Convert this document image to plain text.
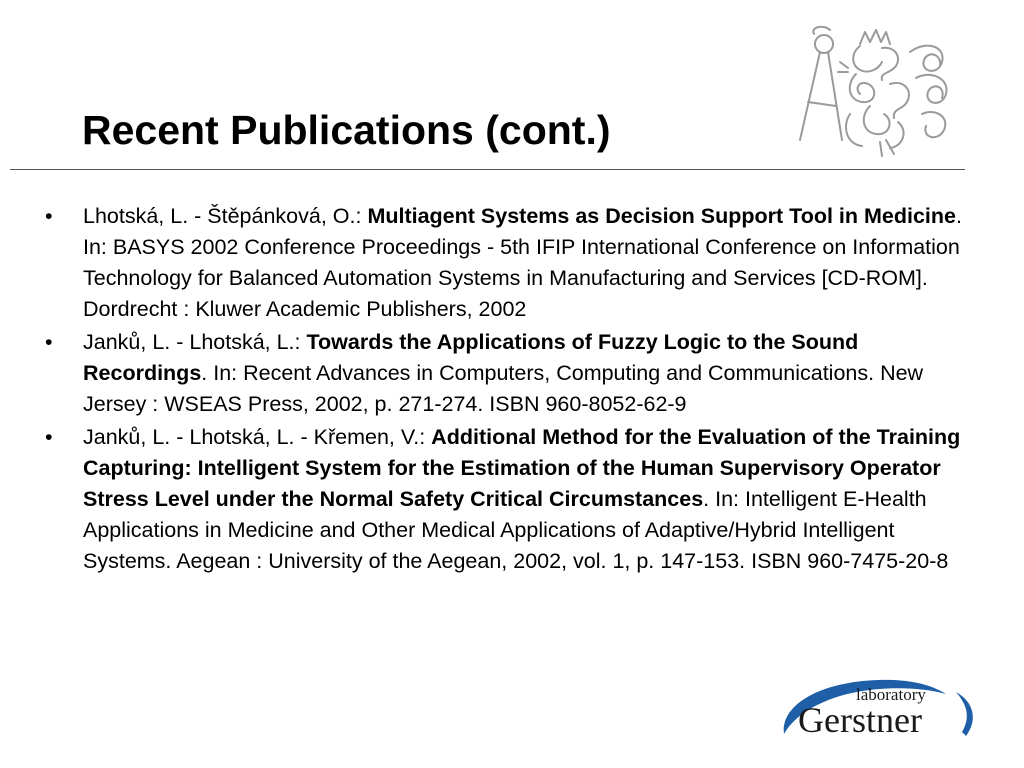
Recent Publications (cont.)
• Lhotská, L. - Štěpánková, O.: Multiagent Systems as Decision Support Tool in Medicine. In: BASYS 2002 Conference Proceedings - 5th IFIP International Conference on Information Technology for Balanced Automation Systems in Manufacturing and Services [CD-ROM]. Dordrecht : Kluwer Academic Publishers, 2002
• Janků, L. - Lhotská, L.: Towards the Applications of Fuzzy Logic to the Sound Recordings. In: Recent Advances in Computers, Computing and Communications. New Jersey : WSEAS Press, 2002, p. 271-274. ISBN 960-8052-62-9
• Janků, L. - Lhotská, L. - Křemen, V.: Additional Method for the Evaluation of the Training Capturing: Intelligent System for the Estimation of the Human Supervisory Operator Stress Level under the Normal Safety Critical Circumstances. In: Intelligent E-Health Applications in Medicine and Other Medical Applications of Adaptive/Hybrid Intelligent Systems. Aegean : University of the Aegean, 2002, vol. 1, p. 147-153. ISBN 960-7475-20-8
laboratory
Gerstner
